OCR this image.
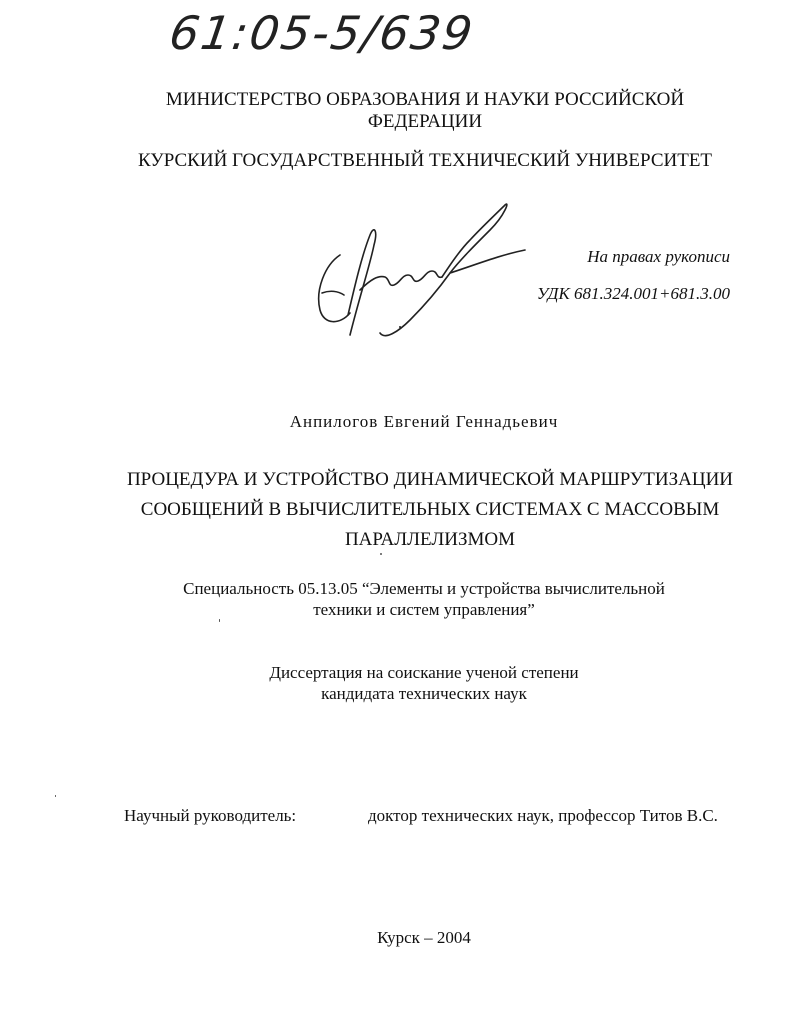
61:05-5/639
МИНИСТЕРСТВО ОБРАЗОВАНИЯ И НАУКИ РОССИЙСКОЙ ФЕДЕРАЦИИ
КУРСКИЙ ГОСУДАРСТВЕННЫЙ ТЕХНИЧЕСКИЙ УНИВЕРСИТЕТ
На правах рукописи
УДК 681.324.001+681.3.00
Анпилогов Евгений Геннадьевич
ПРОЦЕДУРА И УСТРОЙСТВО ДИНАМИЧЕСКОЙ МАРШРУТИЗАЦИИ
СООБЩЕНИЙ В ВЫЧИСЛИТЕЛЬНЫХ СИСТЕМАХ С МАССОВЫМ
ПАРАЛЛЕЛИЗМОМ
Специальность 05.13.05 “Элементы и устройства вычислительной
техники и систем управления”
Диссертация на соискание ученой степени
кандидата технических наук
Научный руководитель:	доктор технических наук, профессор Титов В.С.
Курск – 2004
